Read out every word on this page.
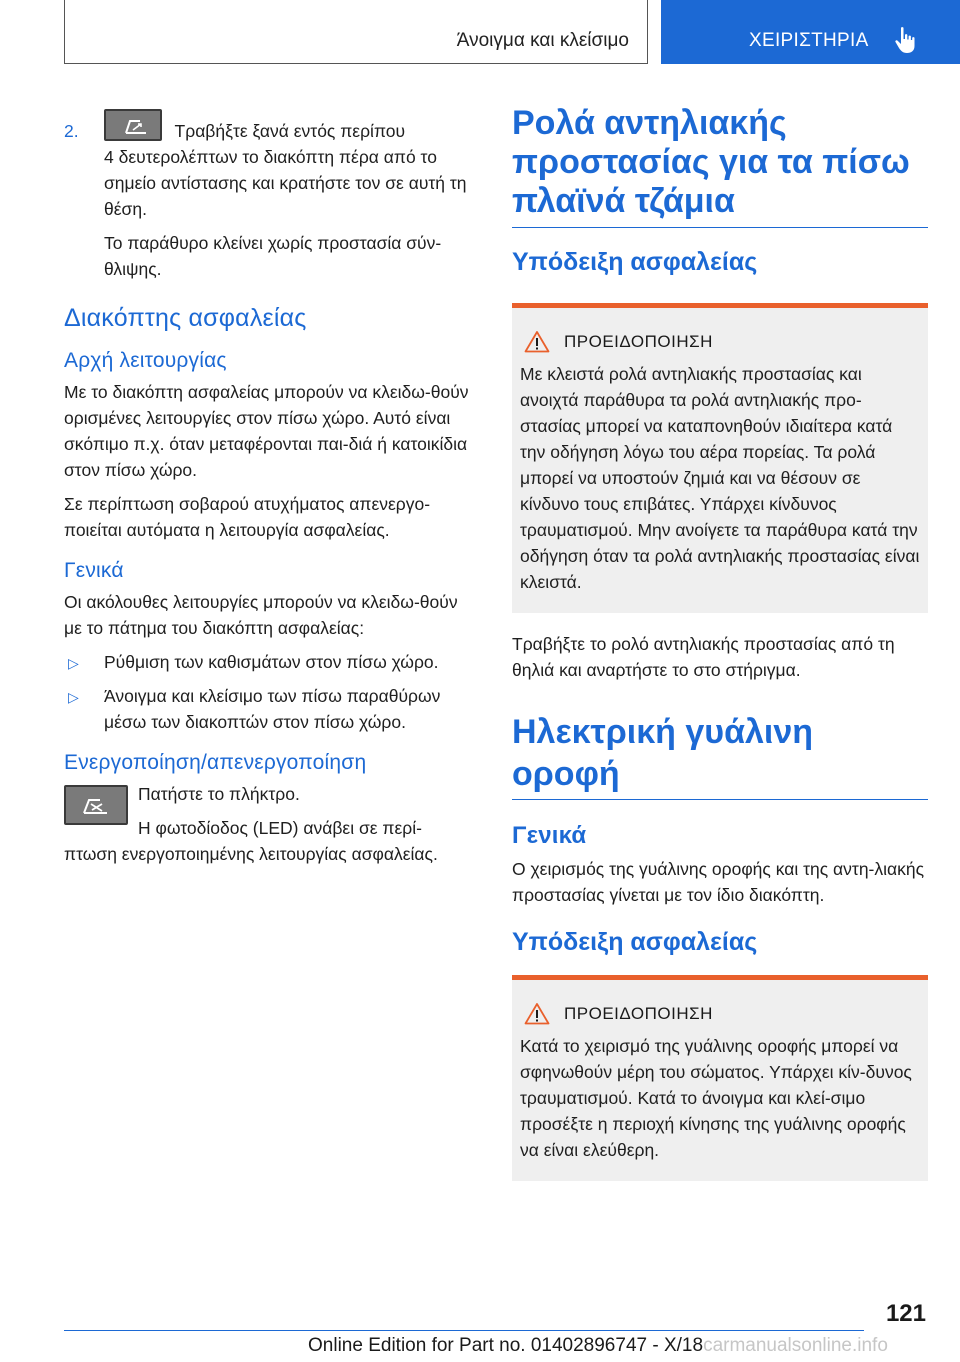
Άνοιγμα και κλείσιμο	ΧΕΙΡΙΣΤΗΡΙΑ
2.	Τραβήξτε ξανά εντός περίπου

4 δευτερολέπτων το διακόπτη πέρα από το σημείο αντίστασης και κρατήστε τον σε αυτή τη θέση.

Το παράθυρο κλείνει χωρίς προστασία σύν-θλιψης.

Διακόπτης ασφαλείας
Αρχή λειτουργίας

Με το διακόπτη ασφαλείας μπορούν να κλειδω-θούν ορισμένες λειτουργίες στον πίσω χώρο. Αυτό είναι σκόπιμο π.χ. όταν μεταφέρονται παι-διά ή κατοικίδια στον πίσω χώρο.

Σε περίπτωση σοβαρού ατυχήματος απενεργο-ποιείται αυτόματα η λειτουργία ασφαλείας.

Γενικά

Οι ακόλουθες λειτουργίες μπορούν να κλειδω-θούν με το πάτημα του διακόπτη ασφαλείας:

▷ Ρύθμιση των καθισμάτων στον πίσω χώρο.

▷ Άνοιγμα και κλείσιμο των πίσω παραθύρων μέσω των διακοπτών στον πίσω χώρο.

Ενεργοποίηση/απενεργοποίηση

Πατήστε το πλήκτρο.

Η φωτοδίοδος (LED) ανάβει σε περί-πτωση ενεργοποιημένης λειτουργίας ασφαλείας.

Ρολά αντηλιακής προστασίας για τα πίσω πλαϊνά τζάμια
Υπόδειξη ασφαλείας
ΠΡΟΕΙΔΟΠΟΙΗΣΗ

Με κλειστά ρολά αντηλιακής προστασίας και ανοιχτά παράθυρα τα ρολά αντηλιακής προ-στασίας μπορεί να καταπονηθούν ιδιαίτερα κατά την οδήγηση λόγω του αέρα πορείας. Τα ρολά μπορεί να υποστούν ζημιά και να θέσουν σε κίνδυνο τους επιβάτες. Υπάρχει κίνδυνος τραυματισμού. Μην ανοίγετε τα παράθυρα κατά την οδήγηση όταν τα ρολά αντηλιακής προστασίας είναι κλειστά.

Τραβήξτε το ρολό αντηλιακής προστασίας από τη θηλιά και αναρτήστε το στο στήριγμα.

Ηλεκτρική γυάλινη οροφή
Γενικά

Ο χειρισμός της γυάλινης οροφής και της αντη-λιακής προστασίας γίνεται με τον ίδιο διακόπτη.

Υπόδειξη ασφαλείας
ΠΡΟΕΙΔΟΠΟΙΗΣΗ

Κατά το χειρισμό της γυάλινης οροφής μπορεί να σφηνωθούν μέρη του σώματος. Υπάρχει κίν-δυνος τραυματισμού. Κατά το άνοιγμα και κλεί-σιμο προσέξτε η περιοχή κίνησης της γυάλινης οροφής να είναι ελεύθερη.

121
Online Edition for Part no. 01402896747 - X/18carmanualsonline.info
